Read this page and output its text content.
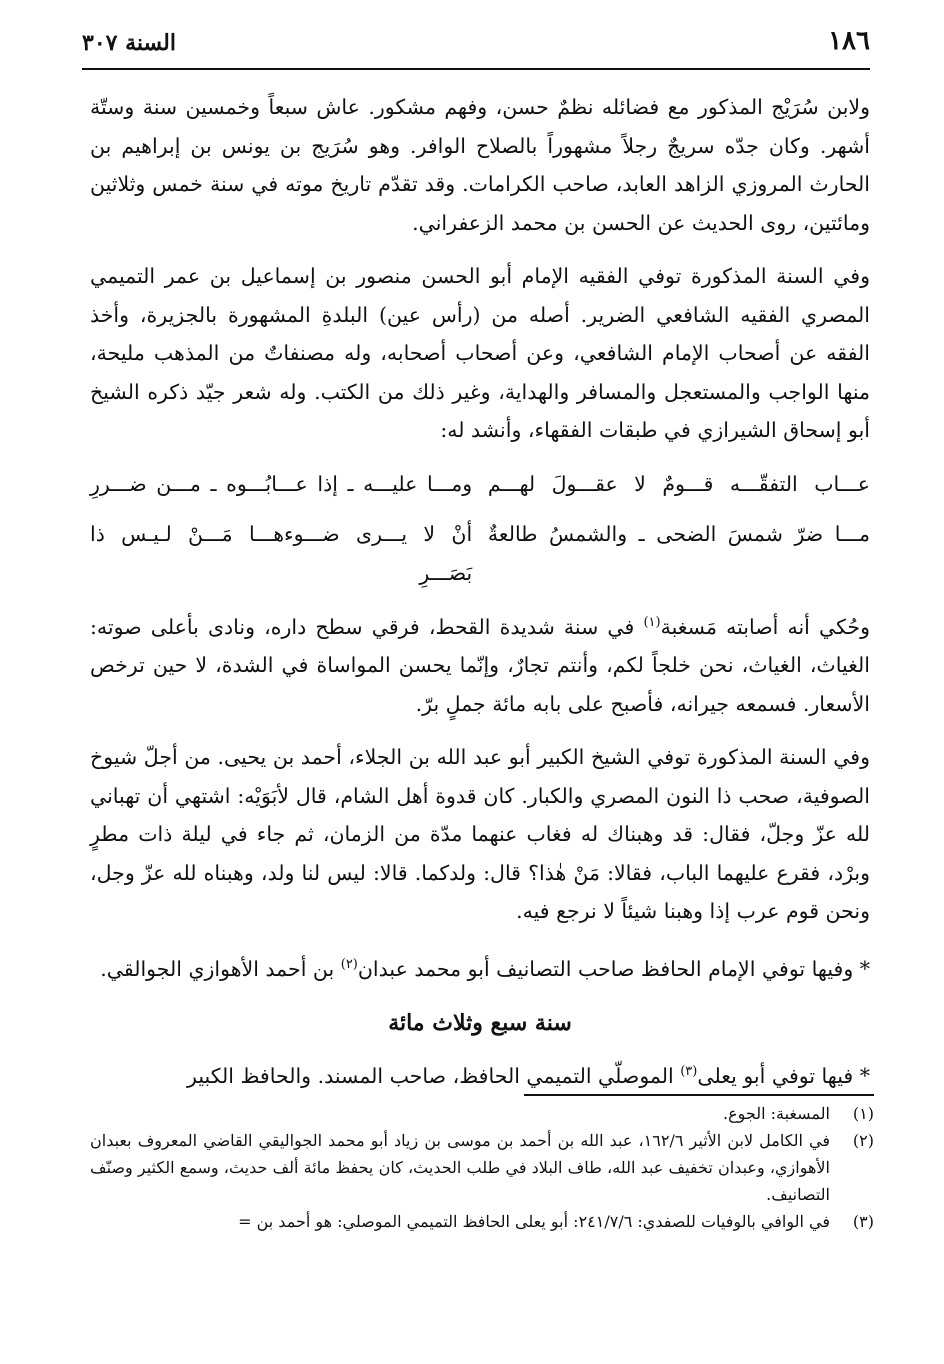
١٨٦
السنة ٣٠٧

ولابن سُرَيْج المذكور مع فضائله نظمٌ حسن، وفهم مشكور. عاش سبعاً وخمسين سنة وستّة أشهر. وكان جدّه سريجٌ رجلاً مشهوراً بالصلاح الوافر. وهو سُرَيج بن يونس بن إبراهيم بن الحارث المروزي الزاهد العابد، صاحب الكرامات. وقد تقدّم تاريخ موته في سنة خمس وثلاثين ومائتين، روى الحديث عن الحسن بن محمد الزعفراني.

وفي السنة المذكورة توفي الفقيه الإمام أبو الحسن منصور بن إسماعيل بن عمر التميمي المصري الفقيه الشافعي الضرير. أصله من (رأس عين) البلدةِ المشهورة بالجزيرة، وأخذ الفقه عن أصحاب الإمام الشافعي، وعن أصحاب أصحابه، وله مصنفاتٌ من المذهب مليحة، منها الواجب والمستعجل والمسافر والهداية، وغير ذلك من الكتب. وله شعر جيّد ذكره الشيخ أبو إسحاق الشيرازي في طبقات الفقهاء، وأنشد له:

عـــاب التفقّـــه قـــومٌ لا عقـــولَ لهـــم
ومـــا عليـــه ـ إذا عـــابُـــوه ـ مـــن ضـــررِ
مـــا ضرّ شمسَ الضحى ـ والشمسُ طالعةٌ
أنْ لا يـــرى ضـــوءهـــا مَـــنْ لـيـس ذا بَصَـــرِ

وحُكي أنه أصابته مَسغبة$^{(١)}$ في سنة شديدة القحط، فرقي سطح داره، ونادى بأعلى صوته: الغياث، الغياث، نحن خلجاً لكم، وأنتم تجارٌ، وإنّما يحسن المواساة في الشدة، لا حين ترخص الأسعار. فسمعه جيرانه، فأصبح على بابه مائة جملٍ برّ.

وفي السنة المذكورة توفي الشيخ الكبير أبو عبد الله بن الجلاء، أحمد بن يحيى. من أجلّ شيوخ الصوفية، صحب ذا النون المصري والكبار. كان قدوة أهل الشام، قال لأبَوَيْه: اشتهي أن تهباني لله عزّ وجلّ، فقال: قد وهبناك له فغاب عنهما مدّة من الزمان، ثم جاء في ليلة ذات مطرٍ وبرْد، فقرع عليهما الباب، فقالا: مَنْ هٰذا؟ قال: ولدكما. قالا: ليس لنا ولد، وهبناه لله عزّ وجل، ونحن قوم عرب إذا وهبنا شيئاً لا نرجع فيه.

* وفيها توفي الإمام الحافظ صاحب التصانيف أبو محمد عبدان$^{(٢)}$ بن أحمد الأهوازي الجوالقي.

سنة سبع وثلاث مائة

* فيها توفي أبو يعلى$^{(٣)}$ الموصلّي التميمي الحافظ، صاحب المسند. والحافظ الكبير

(١)
المسغبة: الجوع.
(٢)
في الكامل لابن الأثير ١٦٢/٦، عبد الله بن أحمد بن موسى بن زياد أبو محمد الجواليقي القاضي المعروف بعبدان الأهوازي، وعبدان تخفيف عبد الله، طاف البلاد في طلب الحديث، كان يحفظ مائة ألف حديث، وسمع الكثير وصنّف التصانيف.
(٣)
في الوافي بالوفيات للصفدي: ٢٤١/٧/٦: أبو يعلى الحافظ التميمي الموصلي: هو أحمد بن =
